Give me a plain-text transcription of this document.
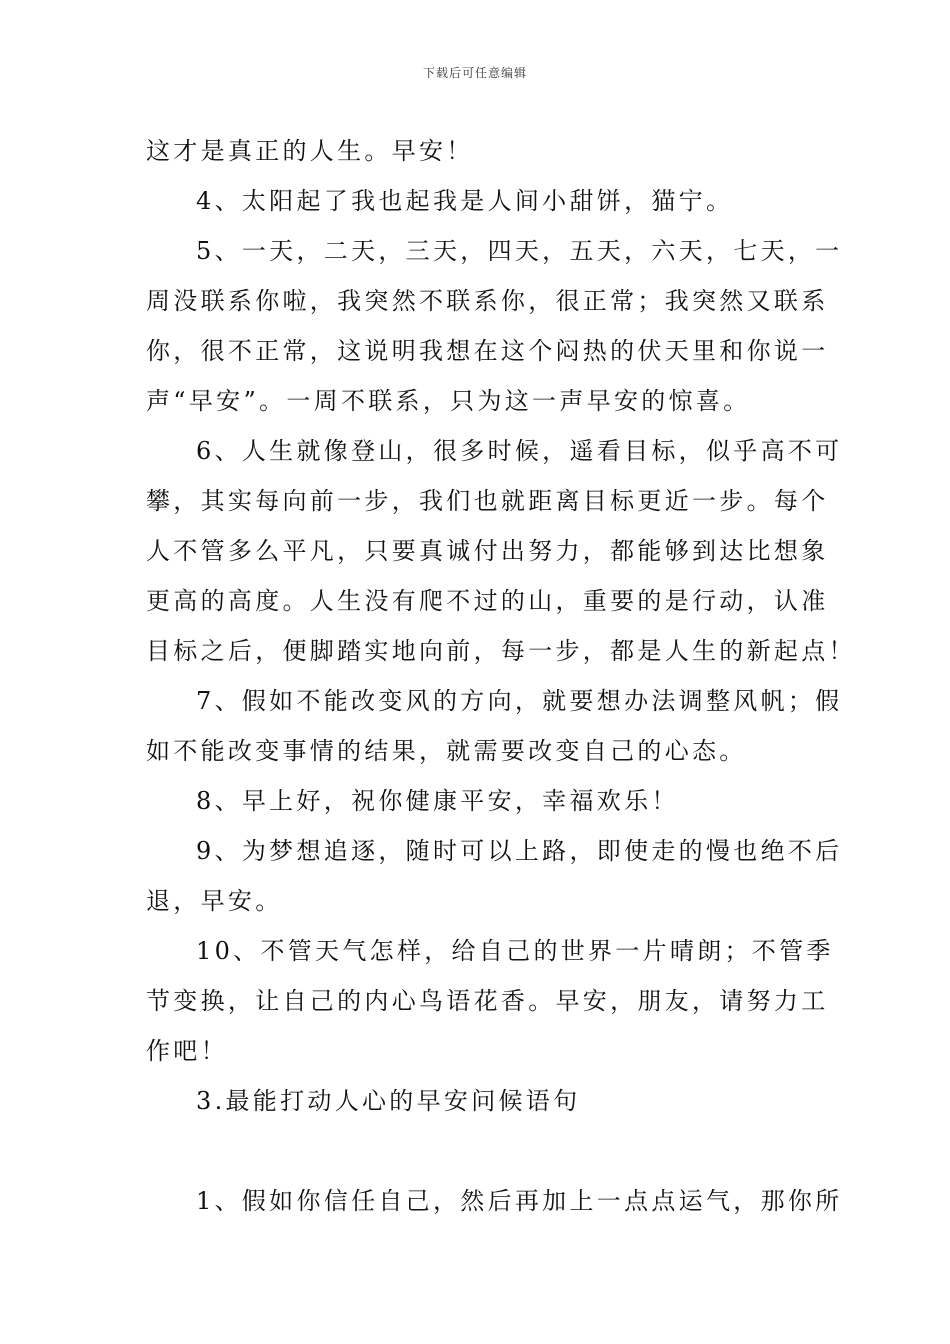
下载后可任意编辑
这才是真正的人生。早安！
4、太阳起了我也起我是人间小甜饼，猫宁。
5、一天，二天，三天，四天，五天，六天，七天，一
周没联系你啦，我突然不联系你，很正常；我突然又联系
你，很不正常，这说明我想在这个闷热的伏天里和你说一
声“早安”。一周不联系，只为这一声早安的惊喜。
6、人生就像登山，很多时候，遥看目标，似乎高不可
攀，其实每向前一步，我们也就距离目标更近一步。每个
人不管多么平凡，只要真诚付出努力，都能够到达比想象
更高的高度。人生没有爬不过的山，重要的是行动，认准
目标之后，便脚踏实地向前，每一步，都是人生的新起点！
7、假如不能改变风的方向，就要想办法调整风帆；假
如不能改变事情的结果，就需要改变自己的心态。
8、早上好，祝你健康平安，幸福欢乐！
9、为梦想追逐，随时可以上路，即使走的慢也绝不后
退，早安。
10、不管天气怎样，给自己的世界一片晴朗；不管季
节变换，让自己的内心鸟语花香。早安，朋友，请努力工
作吧！
3.最能打动人心的早安问候语句
1、假如你信任自己，然后再加上一点点运气，那你所
